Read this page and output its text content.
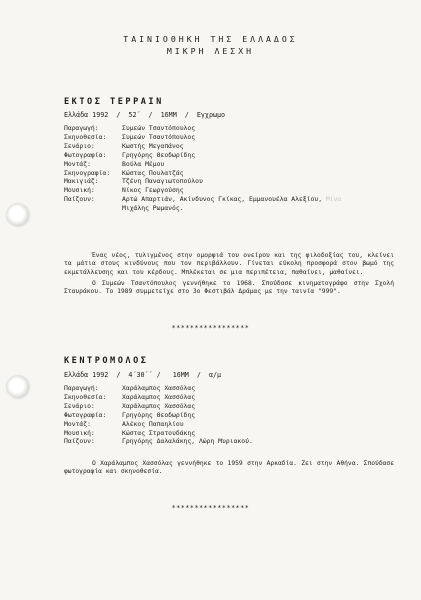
ΤΑΙΝΙΟΘΗΚΗ ΤΗΣ ΕΛΛΑΔΟΣ
ΜΙΚΡΗ ΛΕΣΧΗ
ΕΚΤΟΣ ΤΕΡΡΑΙΝ
Ελλάδα 1992  /  52΄  /  16ΜΜ  /  Εγχρωμο
Παραγωγή:	Συμεών Τσαντόπουλος
Σκηνοθεσία:	Συμεών Τσαντόπουλος
Σενάριο:	Κωστής Μεγαπάνος
Φωτογραφία:	Γρηγόρης Θεοδωρίδης
Μοντάζ:	Βούλα Μέμου
Σκηνογραφία:	Κώστας Πουλατζάς
Μακιγιάζ:	Τζένη Παναγιωτοπούλου
Μουσική:	Νίκος Γεωργούσης
Παίζουν:	Αρτώ Απαρτιάν, Ακίνδυνος Γκίκας, Εμμανουέλα Αλεξίου, Μίνα
Μιχάλης Ρωμανός.
Ένας νέος, τυλιγμένος στην ομορφιά του ονείρου και της φιλοδοξίας του, κλείνει τα μάτια στους κινδύνους που τον περιβάλλουν. Γίνεται εύκολη προσφορά στον βωμό της εκμετάλλευσης και του κέρδους. Μπλέκεται σε μια περιπέτεια, παθαίνει, μαθαίνει.
Ο Συμεών Τσαντόπουλος γεννήθηκε το 1968. Σπούδασε κινηματογράφο στην Σχολή Σταυράκου. Το 1989 συμμετείχε στο 3ο Φεστιβάλ Δράμας με την ταινία "999".
*****************
ΚΕΝΤΡΟΜΟΛΟΣ
Ελλάδα 1992  /  4΄30΄΄ /   16ΜΜ  /  α/μ
Παραγωγή:	Χαράλαμπος Χασσόλας
Σκηνοθεσία:	Χαράλαμπος Χασσόλας
Σενάριο:	Χαράλαμπος Χασσόλας
Φωτογραφία:	Γρηγόρης Θεοδωρίδης
Μοντάζ:	Αλέκος Παπαηλίου
Μουσική:	Κώστας Στρατουδάκης
Παίζουν:	Γρηγόρης Δαλαλάκης, Λώρη Μυριακού.
Ο Χαράλαμπος Χασσόλας γεννήθηκε το 1959 στην Αρκαδία. Ζει στην Αθήνα. Σπούδασε φωτογραφία και σκηνοθεσία.
*****************
